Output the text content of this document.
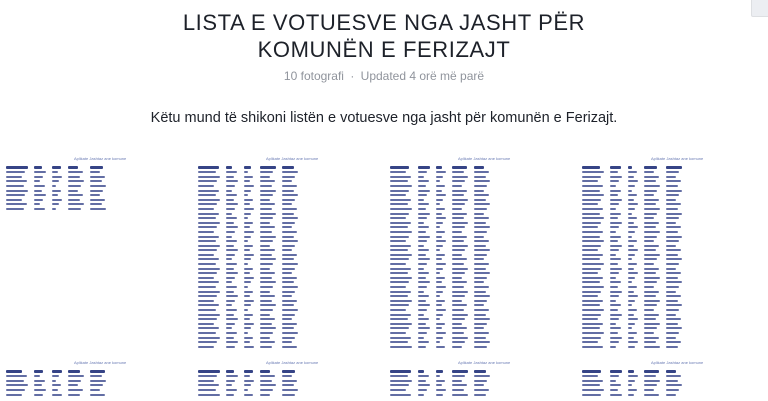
LISTA E VOTUESVE NGA JASHT PËR
KOMUNËN E FERIZAJT
10 fotografi · Updated 4 orë më parë
Këtu mund të shikoni listën e votuesve nga jasht për komunën e Ferizajt.
Aplikate Jashtaz ane komune	Aplikate Jashtaz ane komune	Aplikate Jashtaz ane komune	Aplikate Jashtaz ane komune
Aplikate Jashtaz ane komune	Aplikate Jashtaz ane komune	Aplikate Jashtaz ane komune	Aplikate Jashtaz ane komune
